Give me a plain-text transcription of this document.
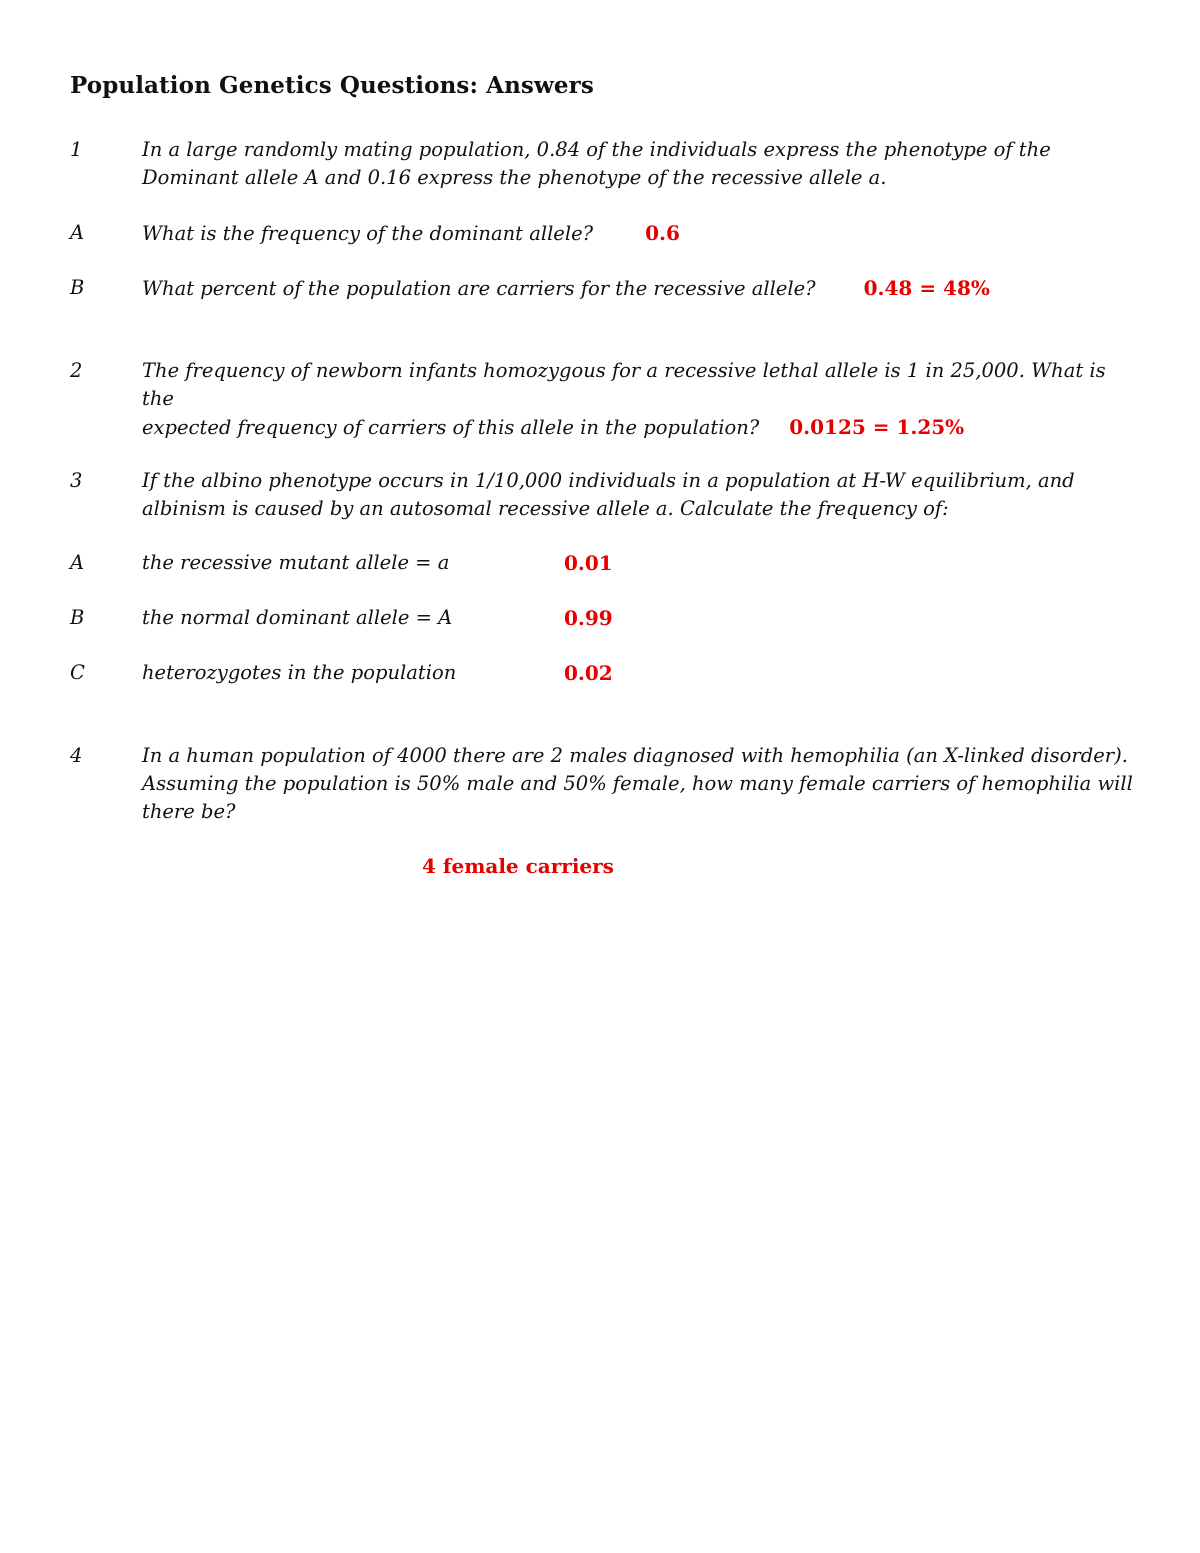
Population Genetics Questions: Answers
1	In a large randomly mating population, 0.84 of the individuals express the phenotype of the
Dominant allele A and 0.16 express the phenotype of the recessive allele a.
A	What is the frequency of the dominant allele?	0.6
B	What percent of the population are carriers for the recessive allele? 0.48 = 48%
2	The frequency of newborn infants homozygous for a recessive lethal allele is 1 in 25,000. What is the
expected frequency of carriers of this allele in the population? 0.0125 = 1.25%
3	If the albino phenotype occurs in 1/10,000 individuals in a population at H-W equilibrium, and
albinism is caused by an autosomal recessive allele a. Calculate the frequency of:
A	the recessive mutant allele = a	0.01
B	the normal dominant allele = A	0.99
C	heterozygotes in the population	0.02
4	In a human population of 4000 there are 2 males diagnosed with hemophilia (an X-linked disorder).
Assuming the population is 50% male and 50% female, how many female carriers of hemophilia will
there be?
4 female carriers
